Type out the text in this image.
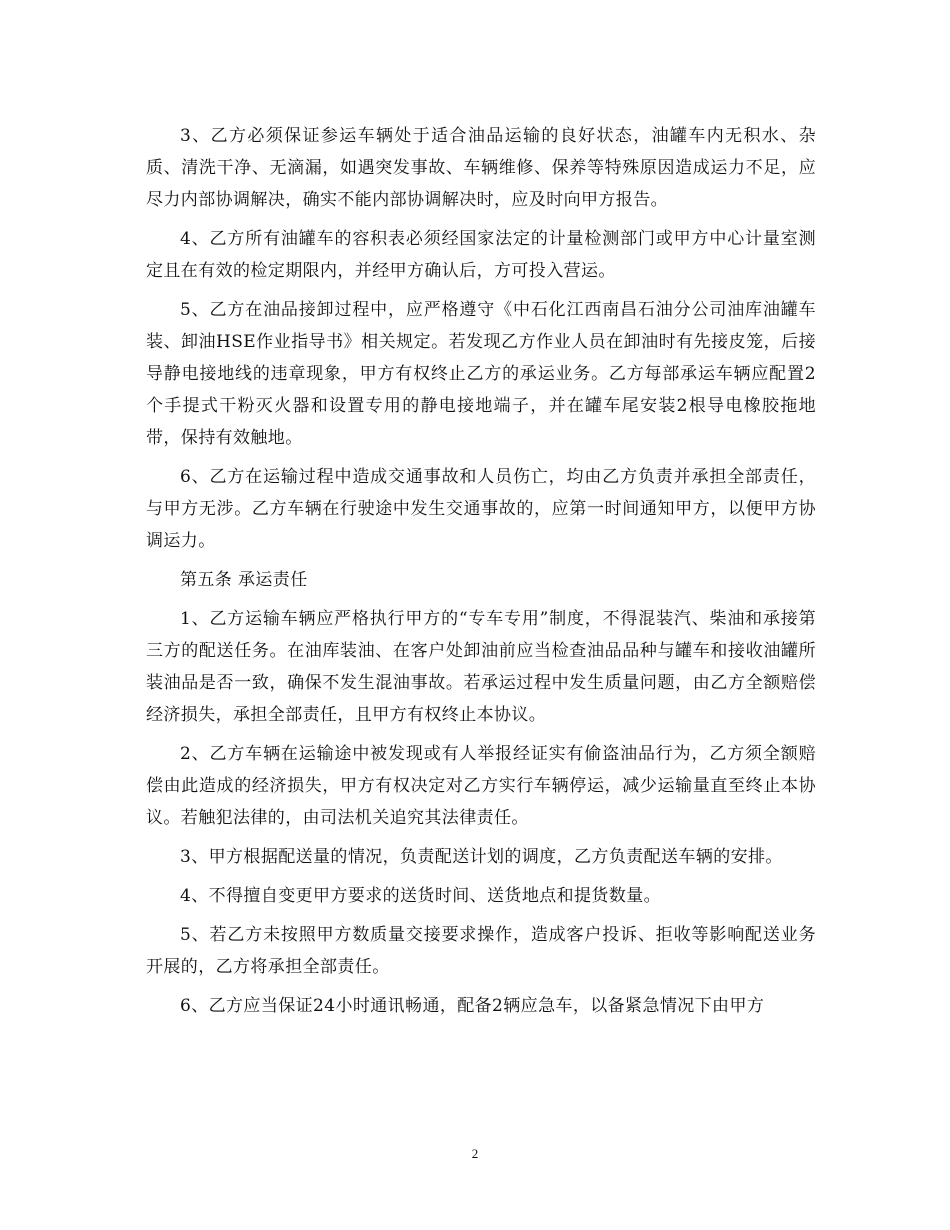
3、乙方必须保证参运车辆处于适合油品运输的良好状态，油罐车内无积水、杂质、清洗干净、无滴漏，如遇突发事故、车辆维修、保养等特殊原因造成运力不足，应尽力内部协调解决，确实不能内部协调解决时，应及时向甲方报告。

4、乙方所有油罐车的容积表必须经国家法定的计量检测部门或甲方中心计量室测定且在有效的检定期限内，并经甲方确认后，方可投入营运。

5、乙方在油品接卸过程中，应严格遵守《中石化江西南昌石油分公司油库油罐车装、卸油HSE作业指导书》相关规定。若发现乙方作业人员在卸油时有先接皮笼，后接导静电接地线的违章现象，甲方有权终止乙方的承运业务。乙方每部承运车辆应配置2个手提式干粉灭火器和设置专用的静电接地端子，并在罐车尾安装2根导电橡胶拖地带，保持有效触地。

6、乙方在运输过程中造成交通事故和人员伤亡，均由乙方负责并承担全部责任，与甲方无涉。乙方车辆在行驶途中发生交通事故的，应第一时间通知甲方，以便甲方协调运力。

第五条 承运责任

1、乙方运输车辆应严格执行甲方的“专车专用”制度，不得混装汽、柴油和承接第三方的配送任务。在油库装油、在客户处卸油前应当检查油品品种与罐车和接收油罐所装油品是否一致，确保不发生混油事故。若承运过程中发生质量问题，由乙方全额赔偿经济损失，承担全部责任，且甲方有权终止本协议。

2、乙方车辆在运输途中被发现或有人举报经证实有偷盗油品行为，乙方须全额赔偿由此造成的经济损失，甲方有权决定对乙方实行车辆停运，减少运输量直至终止本协议。若触犯法律的，由司法机关追究其法律责任。

3、甲方根据配送量的情况，负责配送计划的调度，乙方负责配送车辆的安排。

4、不得擅自变更甲方要求的送货时间、送货地点和提货数量。

5、若乙方未按照甲方数质量交接要求操作，造成客户投诉、拒收等影响配送业务开展的，乙方将承担全部责任。

6、乙方应当保证24小时通讯畅通，配备2辆应急车，以备紧急情况下由甲方

2
